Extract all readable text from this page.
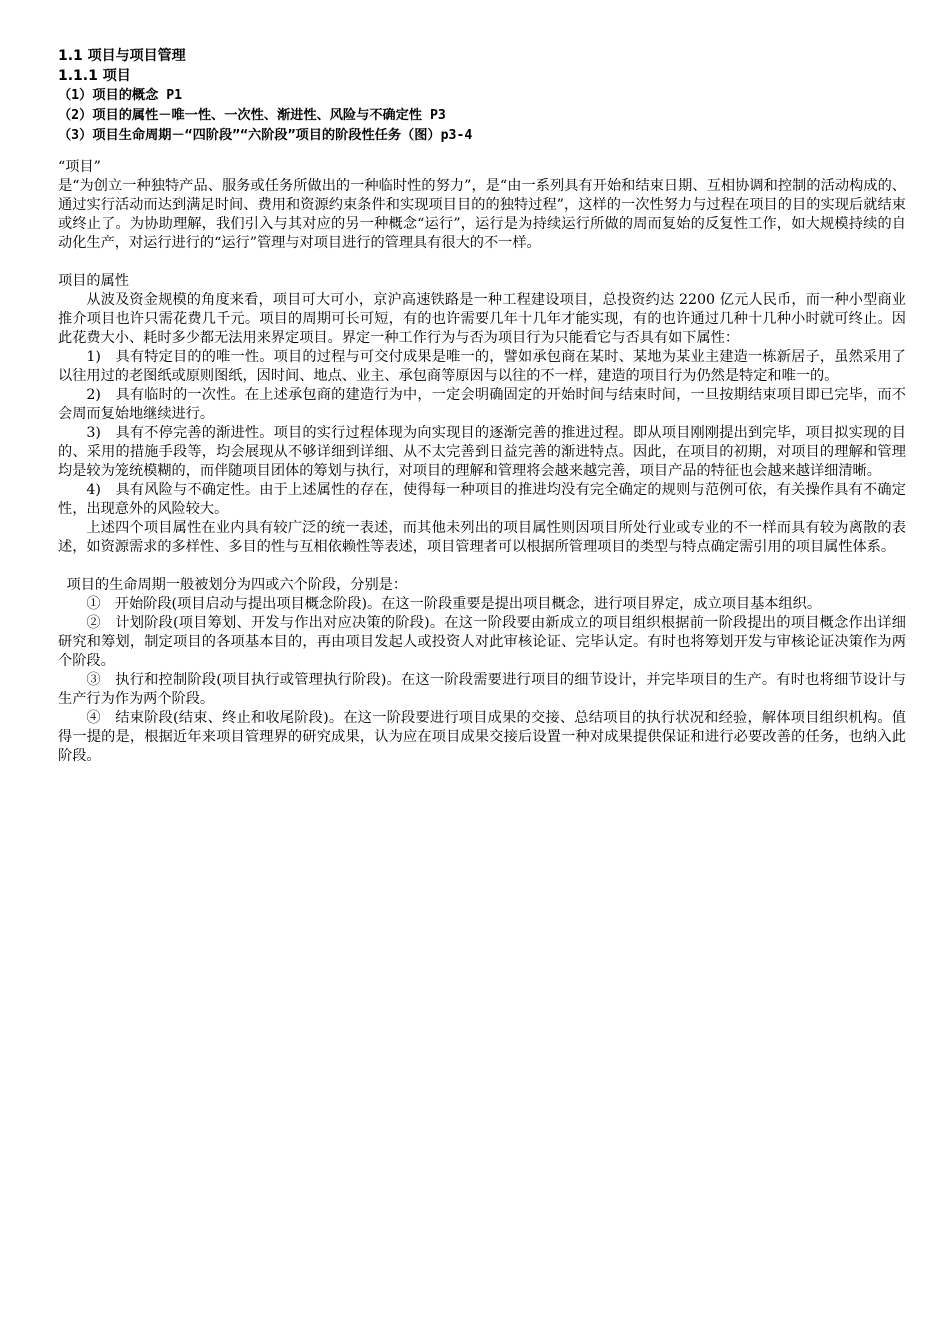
1.1 项目与项目管理

1.1.1 项目

（1）项目的概念 P1

（2）项目的属性－唯一性、一次性、渐进性、风险与不确定性 P3

（3）项目生命周期－“四阶段”“六阶段”项目的阶段性任务（图）p3-4

“项目”

是“为创立一种独特产品、服务或任务所做出的一种临时性的努力”，是“由一系列具有开始和结束日期、互相协调和控制的活动构成的、通过实行活动而达到满足时间、费用和资源约束条件和实现项目目的的独特过程”，这样的一次性努力与过程在项目的目的实现后就结束或终止了。为协助理解，我们引入与其对应的另一种概念“运行”，运行是为持续运行所做的周而复始的反复性工作，如大规模持续的自动化生产，对运行进行的“运行”管理与对项目进行的管理具有很大的不一样。

项目的属性

从波及资金规模的角度来看，项目可大可小，京沪高速铁路是一种工程建设项目，总投资约达 2200 亿元人民币，而一种小型商业推介项目也许只需花费几千元。项目的周期可长可短，有的也许需要几年十几年才能实现，有的也许通过几种十几种小时就可终止。因此花费大小、耗时多少都无法用来界定项目。界定一种工作行为与否为项目行为只能看它与否具有如下属性：

1)　具有特定目的的唯一性。项目的过程与可交付成果是唯一的，譬如承包商在某时、某地为某业主建造一栋新居子，虽然采用了以往用过的老图纸或原则图纸，因时间、地点、业主、承包商等原因与以往的不一样，建造的项目行为仍然是特定和唯一的。

2)　具有临时的一次性。在上述承包商的建造行为中，一定会明确固定的开始时间与结束时间，一旦按期结束项目即已完毕，而不会周而复始地继续进行。

3)　具有不停完善的渐进性。项目的实行过程体现为向实现目的逐渐完善的推进过程。即从项目刚刚提出到完毕，项目拟实现的目的、采用的措施手段等，均会展现从不够详细到详细、从不太完善到日益完善的渐进特点。因此，在项目的初期，对项目的理解和管理均是较为笼统模糊的，而伴随项目团体的筹划与执行，对项目的理解和管理将会越来越完善，项目产品的特征也会越来越详细清晰。

4)　具有风险与不确定性。由于上述属性的存在，使得每一种项目的推进均没有完全确定的规则与范例可依，有关操作具有不确定性，出现意外的风险较大。

上述四个项目属性在业内具有较广泛的统一表述，而其他未列出的项目属性则因项目所处行业或专业的不一样而具有较为离散的表述，如资源需求的多样性、多目的性与互相依赖性等表述，项目管理者可以根据所管理项目的类型与特点确定需引用的项目属性体系。

项目的生命周期一般被划分为四或六个阶段，分别是：

①　开始阶段(项目启动与提出项目概念阶段)。在这一阶段重要是提出项目概念，进行项目界定，成立项目基本组织。

②　计划阶段(项目筹划、开发与作出对应决策的阶段)。在这一阶段要由新成立的项目组织根据前一阶段提出的项目概念作出详细研究和筹划，制定项目的各项基本目的，再由项目发起人或投资人对此审核论证、完毕认定。有时也将筹划开发与审核论证决策作为两个阶段。

③　执行和控制阶段(项目执行或管理执行阶段)。在这一阶段需要进行项目的细节设计，并完毕项目的生产。有时也将细节设计与生产行为作为两个阶段。

④　结束阶段(结束、终止和收尾阶段)。在这一阶段要进行项目成果的交接、总结项目的执行状况和经验，解体项目组织机构。值得一提的是，根据近年来项目管理界的研究成果，认为应在项目成果交接后设置一种对成果提供保证和进行必要改善的任务，也纳入此阶段。
